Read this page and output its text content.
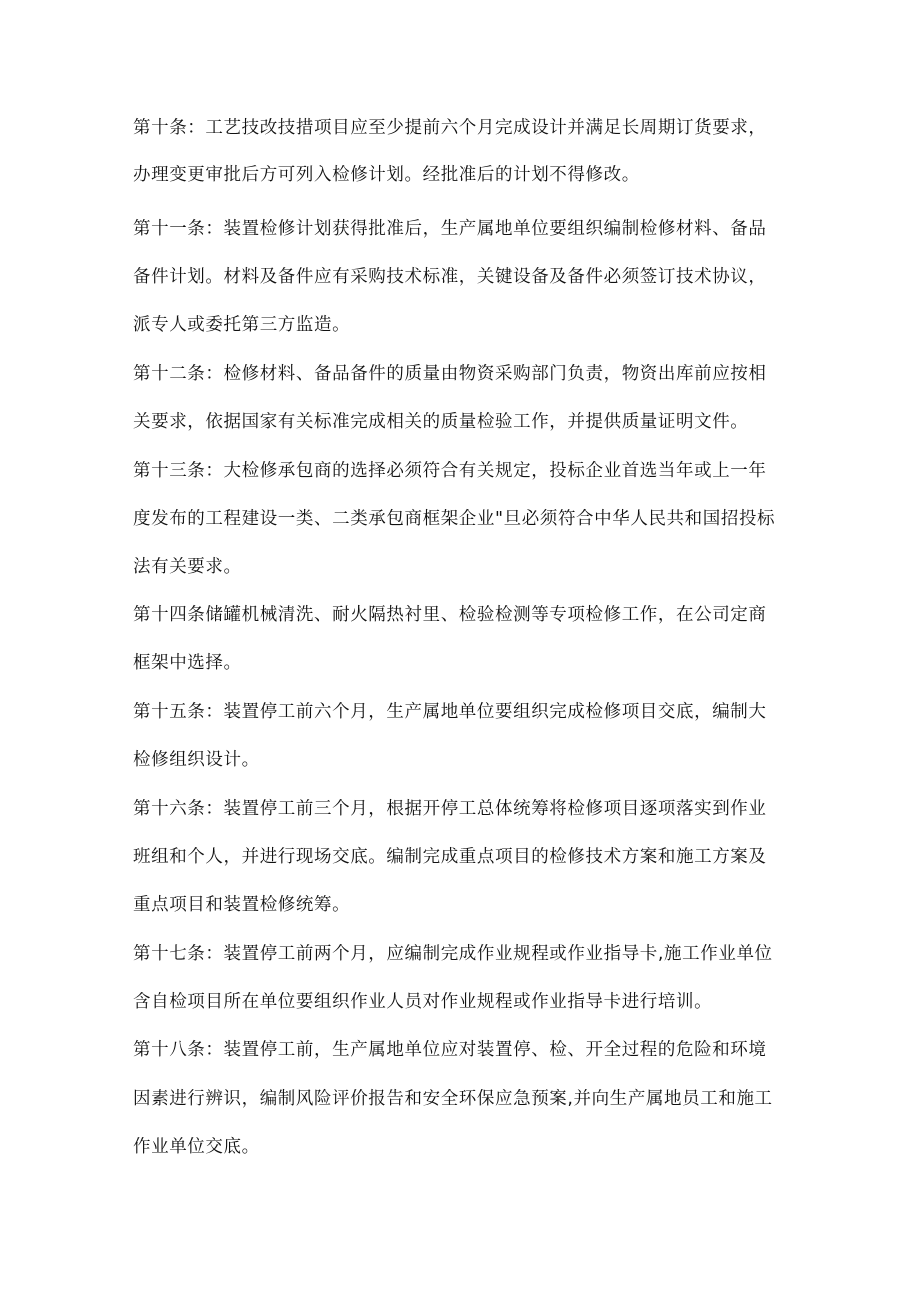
第十条：工艺技改技措项目应至少提前六个月完成设计并满足长周期订货要求，
办理变更审批后方可列入检修计划。经批准后的计划不得修改。
第十一条：装置检修计划获得批准后，生产属地单位要组织编制检修材料、备品
备件计划。材料及备件应有采购技术标准，关键设备及备件必须签订技术协议，
派专人或委托第三方监造。
第十二条：检修材料、备品备件的质量由物资采购部门负责，物资出库前应按相
关要求，依据国家有关标准完成相关的质量检验工作，并提供质量证明文件。
第十三条：大检修承包商的选择必须符合有关规定，投标企业首选当年或上一年
度发布的工程建设一类、二类承包商框架企业"旦必须符合中华人民共和国招投标
法有关要求。
第十四条储罐机械清洗、耐火隔热衬里、检验检测等专项检修工作，在公司定商
框架中选择。
第十五条：装置停工前六个月，生产属地单位要组织完成检修项目交底，编制大
检修组织设计。
第十六条：装置停工前三个月，根据开停工总体统筹将检修项目逐项落实到作业
班组和个人，并进行现场交底。编制完成重点项目的检修技术方案和施工方案及
重点项目和装置检修统筹。
第十七条：装置停工前两个月，应编制完成作业规程或作业指导卡,施工作业单位
含自检项目所在单位要组织作业人员对作业规程或作业指导卡进行培训。
第十八条：装置停工前，生产属地单位应对装置停、检、开全过程的危险和环境
因素进行辨识，编制风险评价报告和安全环保应急预案,并向生产属地员工和施工
作业单位交底。
